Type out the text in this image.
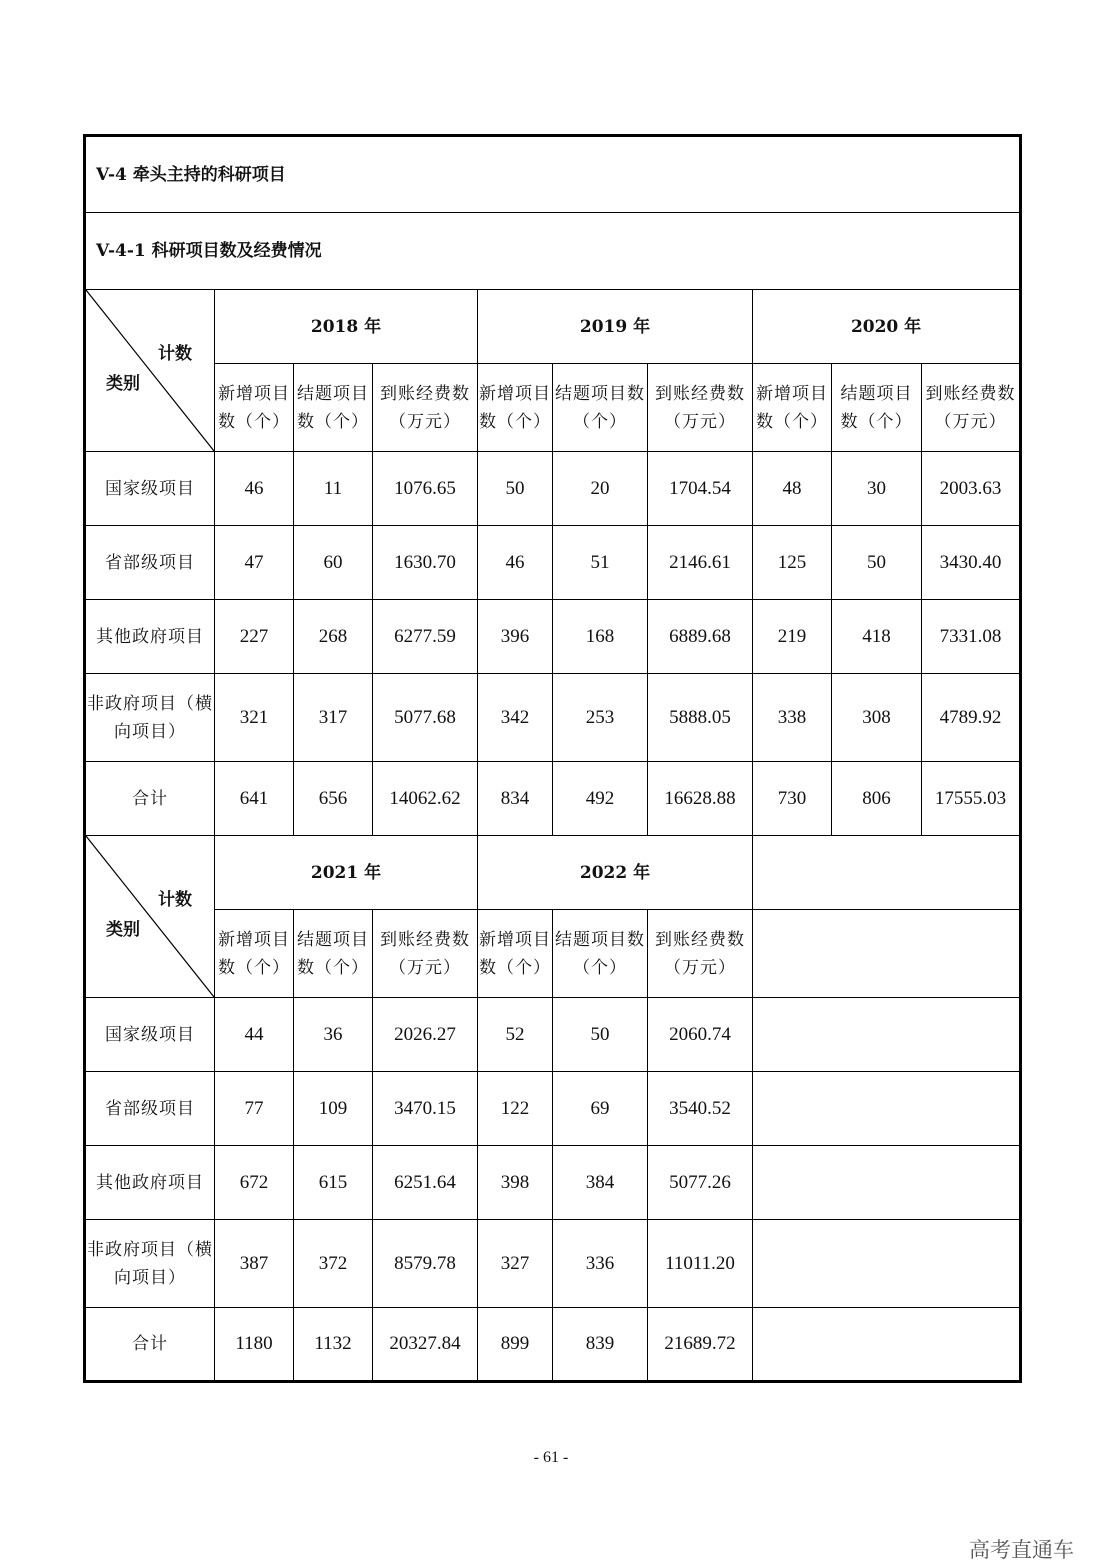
V-4 牵头主持的科研项目									
V-4-1 科研项目数及经费情况									

计数
类别	2018 年			2019 年			2020 年		
	新增项目数（个）	结题项目数（个）	到账经费数（万元）	新增项目数（个）	结题项目数（个）	到账经费数（万元）	新增项目数（个）	结题项目数（个）	到账经费数（万元）
国家级项目	46	11	1076.65	50	20	1704.54	48	30	2003.63
省部级项目	47	60	1630.70	46	51	2146.61	125	50	3430.40
其他政府项目	227	268	6277.59	396	168	6889.68	219	418	7331.08
非政府项目（横向项目）	321	317	5077.68	342	253	5888.05	338	308	4789.92
合计	641	656	14062.62	834	492	16628.88	730	806	17555.03

计数
类别	2021 年			2022 年					
	新增项目数（个）	结题项目数（个）	到账经费数（万元）	新增项目数（个）	结题项目数（个）	到账经费数（万元）			
国家级项目	44	36	2026.27	52	50	2060.74			
省部级项目	77	109	3470.15	122	69	3540.52			
其他政府项目	672	615	6251.64	398	384	5077.26			
非政府项目（横向项目）	387	372	8579.78	327	336	11011.20			
合计	1180	1132	20327.84	899	839	21689.72			
- 61 -
高考直通车
